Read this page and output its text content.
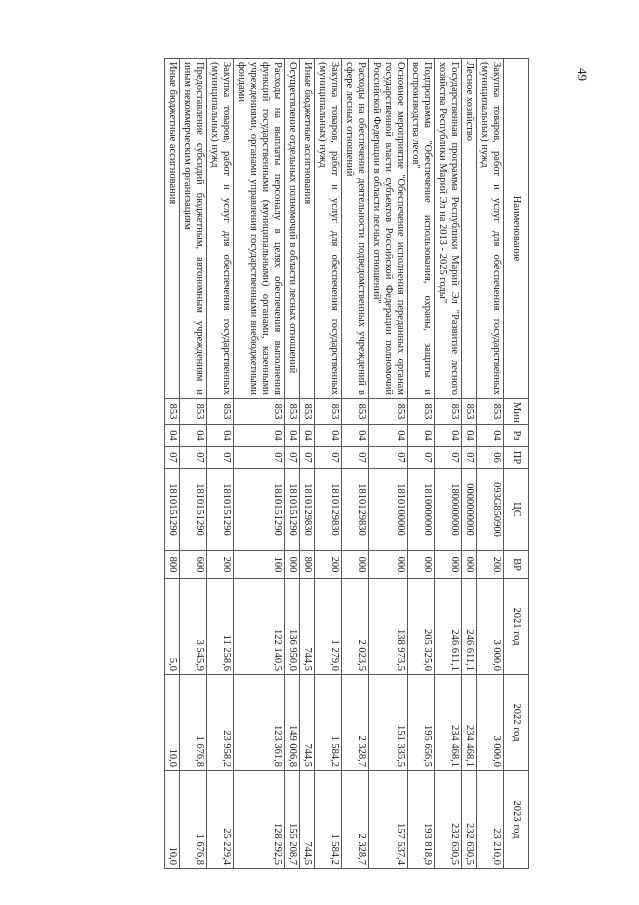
49
Наименование	Мин	Рз	ПР	ЦС	ВР	2021 год	2022 год	2023 год
Закупка товаров, работ и услуг для обеспечения государственных (муниципальных) нужд	853	04	06	093G850900	200	3 000,0	3 000,0	23 210,0
Лесное хозяйство	853	04	07	0000000000	000	246 611,1	234 468,1	232 630,5
Государственная программа Республики Марий Эл "Развитие лесного хозяйства Республики Марий Эл на 2013 - 2025 годы"	853	04	07	1800000000	000	246 611,1	234 468,1	232 630,5
Подпрограмма "Обеспечение использования, охраны, защиты и воспроизводства лесов"	853	04	07	1810000000	000	205 325,0	195 656,5	193 818,9
Основное мероприятие "Обеспечение исполнения переданных органам государственной власти субъектов Российской Федерации полномочий Российской Федерации в области лесных отношений"	853	04	07	1810100000	000	138 973,5	151 335,5	157 537,4
Расходы на обеспечение деятельности подведомственных учреждений в сфере лесных отношений	853	04	07	1810129830	000	2 023,5	2 328,7	2 328,7
Закупка товаров, работ и услуг для обеспечения государственных (муниципальных) нужд	853	04	07	1810129830	200	1 279,0	1 584,2	1 584,2
Иные бюджетные ассигнования	853	04	07	1810129830	800	744,5	744,5	744,5
Осуществление отдельных полномочий в области лесных отношений	853	04	07	1810151290	000	136 950,0	149 006,8	155 208,7
Расходы на выплаты персоналу в целях обеспечения выполнения функций государственными (муниципальными) органами, казенными учреждениями, органами управления государственными внебюджетными фондами	853	04	07	1810151290	100	122 140,5	123 361,8	128 292,5
Закупка товаров, работ и услуг для обеспечения государственных (муниципальных) нужд	853	04	07	1810151290	200	11 258,6	23 958,2	25 229,4
Предоставление субсидий бюджетным, автономным учреждениям и иным некоммерческим организациям	853	04	07	1810151290	600	3 545,9	1 676,8	1 676,8
Иные бюджетные ассигнования	853	04	07	1810151290	800	5,0	10,0	10,0
